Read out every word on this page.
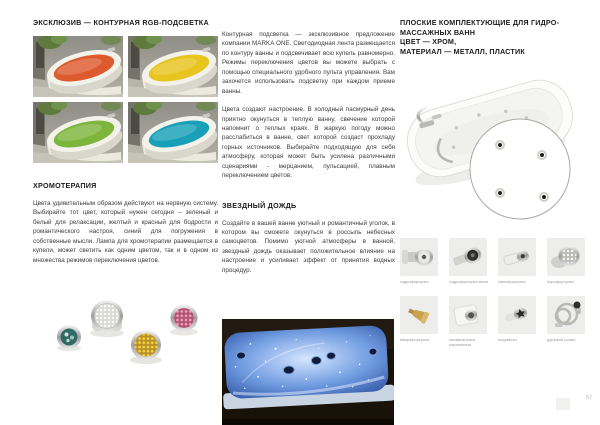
ЭКСКЛЮЗИВ — КОНТУРНАЯ RGB-ПОДСВЕТКА
ХРОМОТЕРАПИЯ

Цвета удивительным образом действуют на нервную систему. Выбирайте тот цвет, который нужен сегодня – зеленый и белый для релаксации, желтый и красный для бодрости и романтического настроя, синий для погружения в собственные мысли. Лампа для хромотерапии размещается в купели, может светить как одним цветом, так и в одном из множества режимов переключения цветов.

Контурная подсветка — эксклюзивное предложение компании MARKA ONE. Светодиодная лента размещается по контуру ванны и подсвечивает всю купель равномерно. Режимы переключения цветов вы можете выбрать с помощью специального удобного пульта управления. Вам захочется использовать подсветку при каждом приеме ванны.

Цвета создают настроение. В холодный пасмурный день приятно окунуться в теплую ванну, свечение которой напомнит о теплых краях. В жаркую погоду можно расслабиться в ванне, свет которой создаст прохладу горных источников. Выбирайте подходящую для себя атмосферу, которая может быть усилена различными сценариями - мерцанием, пульсацией, плавным переключением цветов.

ЗВЕЗДНЫЙ ДОЖДЬ

Создайте в вашей ванне уютный и романтичный уголок, в котором вы сможете окунуться в россыпь небесных самоцветов. Помимо уютной атмосферы в ванной, звездный дождь оказывает положительное влияние на настроение и усиливает эффект от принятия водных процедур.

ПЛОСКИЕ КОМПЛЕКТУЮЩИЕ ДЛЯ ГИДРО-МАССАЖНЫХ ВАНН
ЦВЕТ — ХРОМ,
МАТЕРИАЛ — МЕТАЛЛ, ПЛАСТИК
гидрофорсунка	гидрофорсунка мини	минифорсунка	аэрофорсунка
микрофорсунка	пневмокнопка управления
подсветка	душевой шланг
57
